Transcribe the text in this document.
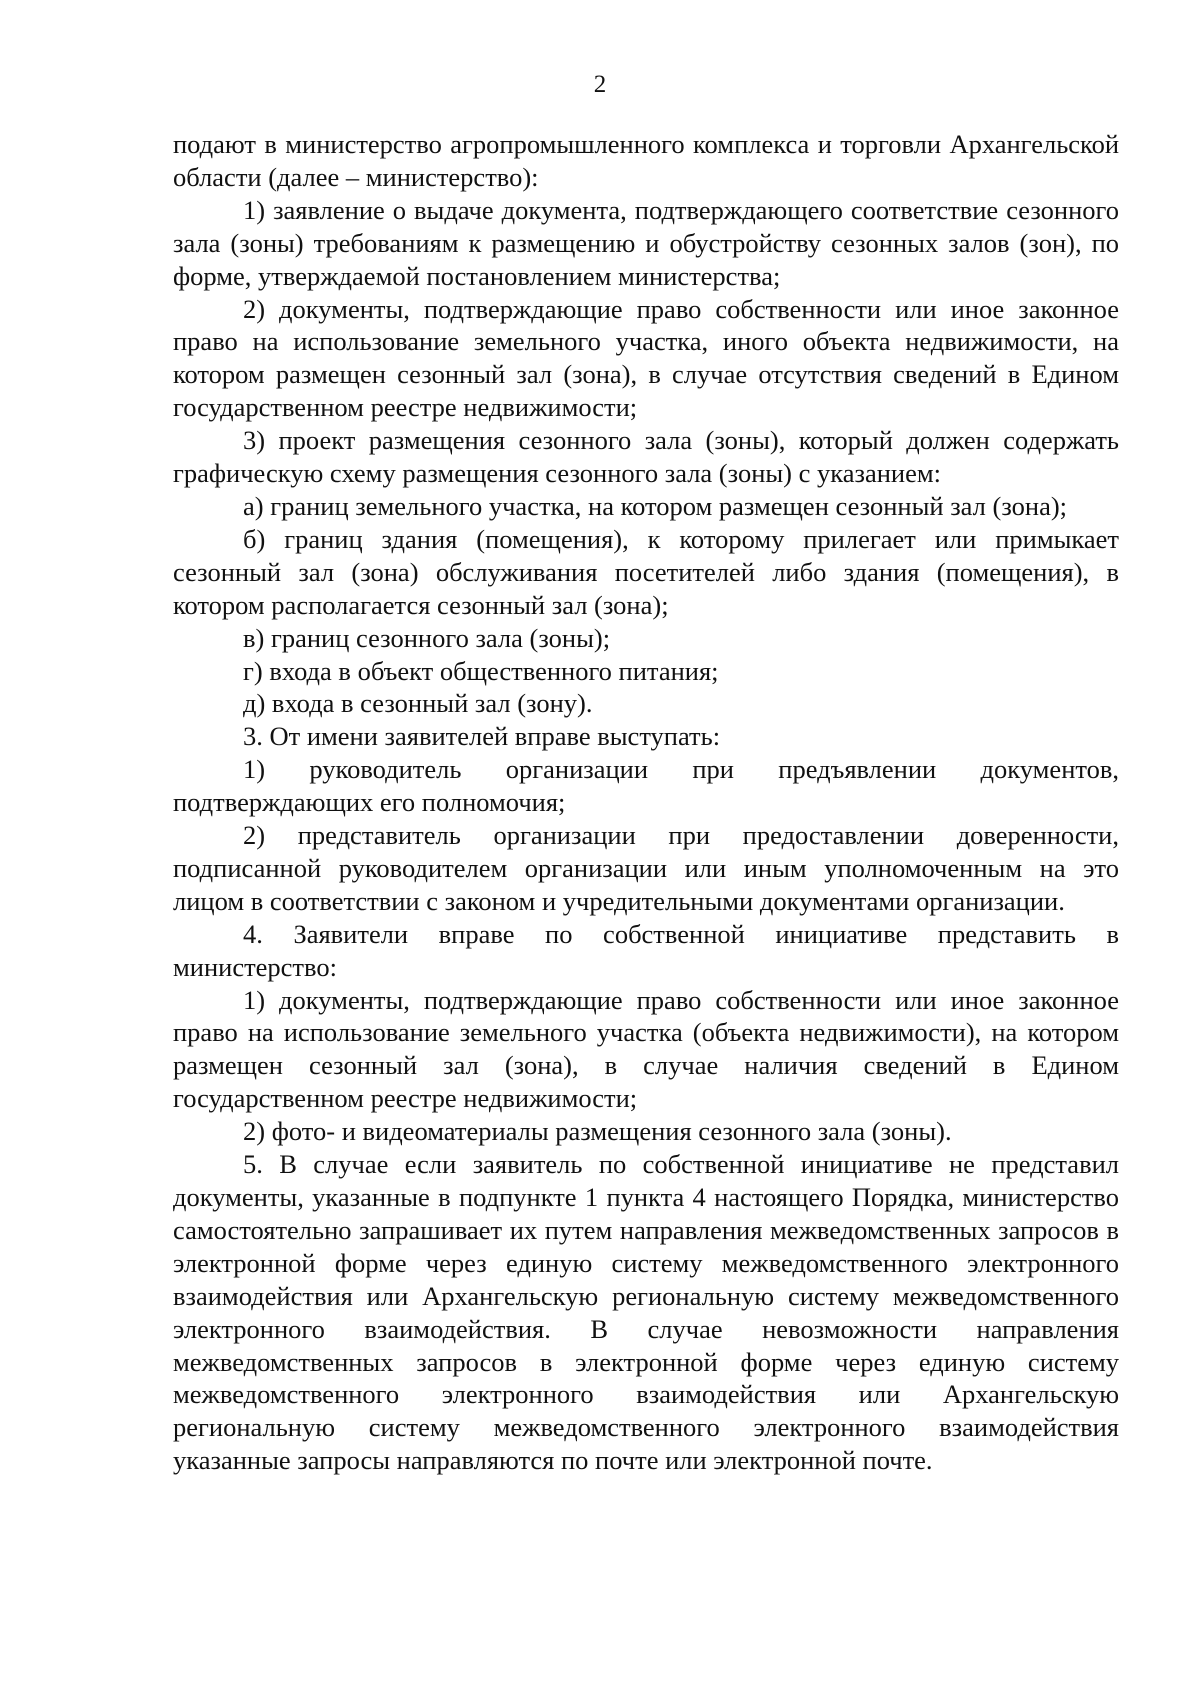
2

подают в министерство агропромышленного комплекса и торговли Архангельской области (далее – министерство):

1) заявление о выдаче документа, подтверждающего соответствие сезонного зала (зоны) требованиям к размещению и обустройству сезонных залов (зон), по форме, утверждаемой постановлением министерства;

2) документы, подтверждающие право собственности или иное законное право на использование земельного участка, иного объекта недвижимости, на котором размещен сезонный зал (зона), в случае отсутствия сведений в Едином государственном реестре недвижимости;

3) проект размещения сезонного зала (зоны), который должен содержать графическую схему размещения сезонного зала (зоны) с указанием:

а) границ земельного участка, на котором размещен сезонный зал (зона);

б) границ здания (помещения), к которому прилегает или примыкает сезонный зал (зона) обслуживания посетителей либо здания (помещения), в котором располагается сезонный зал (зона);

в) границ сезонного зала (зоны);

г) входа в объект общественного питания;

д) входа в сезонный зал (зону).

3. От имени заявителей вправе выступать:

1) руководитель организации при предъявлении документов, подтверждающих его полномочия;

2) представитель организации при предоставлении доверенности, подписанной руководителем организации или иным уполномоченным на это лицом в соответствии с законом и учредительными документами организации.

4. Заявители вправе по собственной инициативе представить в министерство:

1) документы, подтверждающие право собственности или иное законное право на использование земельного участка (объекта недвижимости), на котором размещен сезонный зал (зона), в случае наличия сведений в Едином государственном реестре недвижимости;

2) фото- и видеоматериалы размещения сезонного зала (зоны).

5. В случае если заявитель по собственной инициативе не представил документы, указанные в подпункте 1 пункта 4 настоящего Порядка, министерство самостоятельно запрашивает их путем направления межведомственных запросов в электронной форме через единую систему межведомственного электронного взаимодействия или Архангельскую региональную систему межведомственного электронного взаимодействия. В случае невозможности направления межведомственных запросов в электронной форме через единую систему межведомственного электронного взаимодействия или Архангельскую региональную систему межведомственного электронного взаимодействия указанные запросы направляются по почте или электронной почте.
